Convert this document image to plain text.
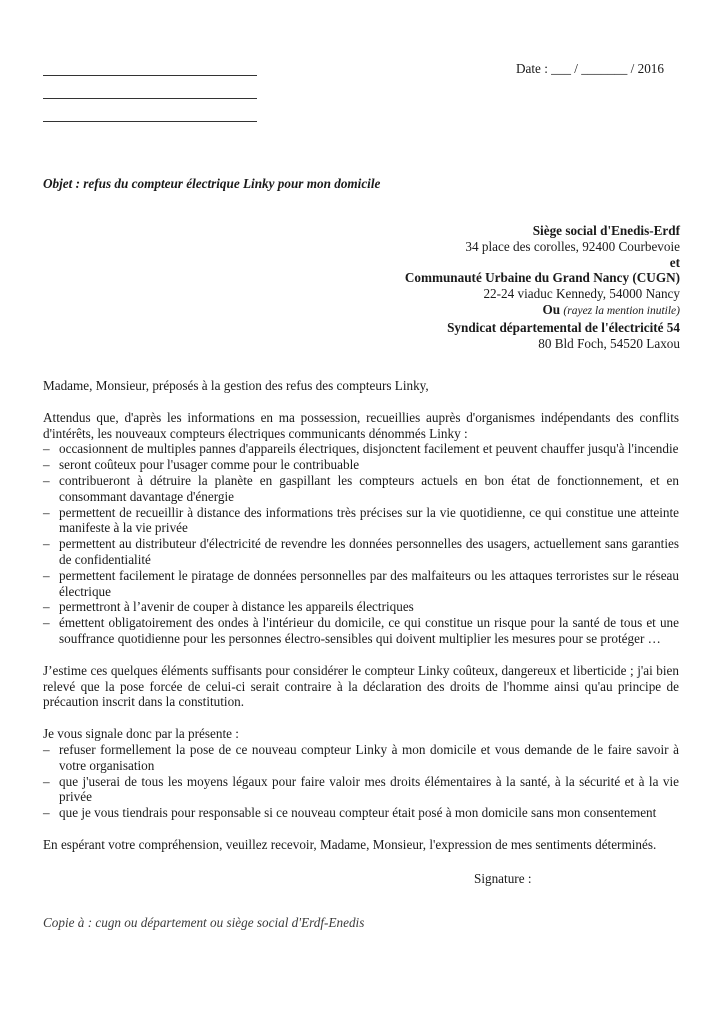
Date : ___ / _______ / 2016
Objet : refus du compteur électrique Linky pour mon domicile
Siège social d'Enedis-Erdf
34 place des corolles, 92400 Courbevoie
et
Communauté Urbaine du Grand Nancy (CUGN)
22-24 viaduc Kennedy, 54000 Nancy
Ou (rayez la mention inutile)
Syndicat départemental de l'électricité 54
80 Bld Foch, 54520 Laxou

Madame, Monsieur, préposés à la gestion des refus des compteurs Linky,

Attendus que, d'après les informations en ma possession, recueillies auprès d'organismes indépendants des conflits d'intérêts, les nouveaux compteurs électriques communicants dénommés Linky :

– occasionnent de multiples pannes d'appareils électriques, disjonctent facilement et peuvent chauffer jusqu'à l'incendie
– seront coûteux pour l'usager comme pour le contribuable
– contribueront à détruire la planète en gaspillant les compteurs actuels en bon état de fonctionnement, et en consommant davantage d'énergie
– permettent de recueillir à distance des informations très précises sur la vie quotidienne, ce qui constitue une atteinte manifeste à la vie privée
– permettent au distributeur d'électricité de revendre les données personnelles des usagers, actuellement sans garanties de confidentialité
– permettent facilement le piratage de données personnelles par des malfaiteurs ou les attaques terroristes sur le réseau électrique
– permettront à l’avenir de couper à distance les appareils électriques
– émettent obligatoirement des ondes à l'intérieur du domicile, ce qui constitue un risque pour la santé de tous et une souffrance quotidienne pour les personnes électro-sensibles qui doivent multiplier les mesures pour se protéger …

J’estime ces quelques éléments suffisants pour considérer le compteur Linky coûteux, dangereux et liberticide ; j'ai bien relevé que la pose forcée de celui-ci serait contraire à la déclaration des droits de l'homme ainsi qu'au principe de précaution inscrit dans la constitution.

Je vous signale donc par la présente :

– refuser formellement la pose de ce nouveau compteur Linky à mon domicile et vous demande de le faire savoir à votre organisation
– que j'userai de tous les moyens légaux pour faire valoir mes droits élémentaires à la santé, à la sécurité et à la vie privée
– que je vous tiendrais pour responsable si ce nouveau compteur était posé à mon domicile sans mon consentement

En espérant votre compréhension, veuillez recevoir, Madame, Monsieur, l'expression de mes sentiments déterminés.

Signature :
Copie à : cugn ou département ou siège social d'Erdf-Enedis
